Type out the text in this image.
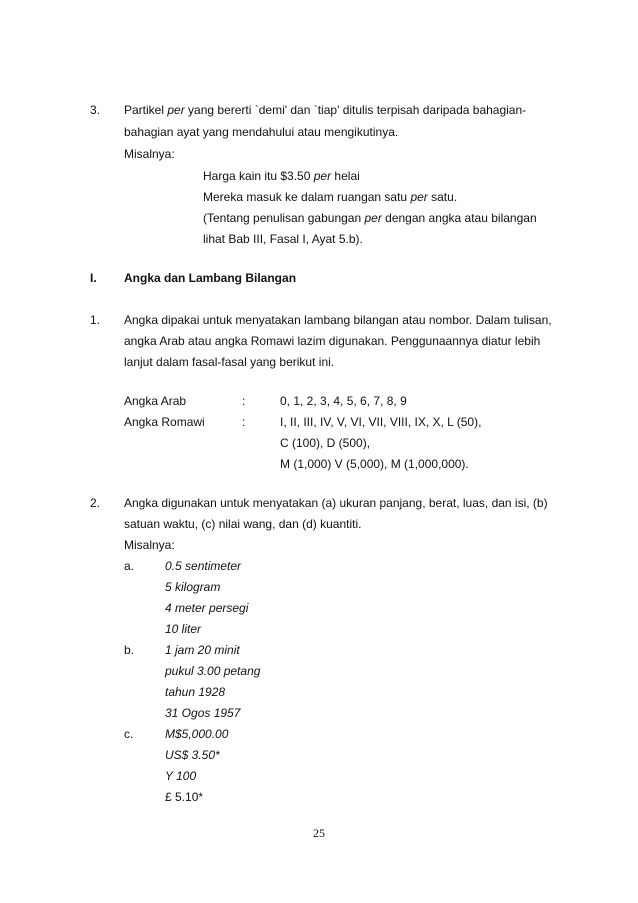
3. Partikel per yang bererti `demi' dan `tiap' ditulis terpisah daripada bahagian-
bahagian ayat yang mendahului atau mengikutinya.
Misalnya:
Harga kain itu $3.50 per helai
Mereka masuk ke dalam ruangan satu per satu.
(Tentang penulisan gabungan per dengan angka atau bilangan
lihat Bab III, Fasal I, Ayat 5.b).
I. Angka dan Lambang Bilangan
1. Angka dipakai untuk menyatakan lambang bilangan atau nombor. Dalam tulisan,
angka Arab atau angka Romawi lazim digunakan. Penggunaannya diatur lebih
lanjut dalam fasal-fasal yang berikut ini.
Angka Arab	:	0, 1, 2, 3, 4, 5, 6, 7, 8, 9
Angka Romawi	:	I, II, III, IV, V, VI, VII, VIII, IX, X, L (50),
C (100), D (500),
M (1,000) V (5,000), M (1,000,000).
2. Angka digunakan untuk menyatakan (a) ukuran panjang, berat, luas, dan isi, (b)
satuan waktu, (c) nilai wang, dan (d) kuantiti.
Misalnya:
a.	0.5 sentimeter
5 kilogram
4 meter persegi
10 liter
b.	1 jam 20 minit
pukul 3.00 petang
tahun 1928
31 Ogos 1957
c.	M$5,000.00
US$ 3.50*
Y 100
£ 5.10*
25
